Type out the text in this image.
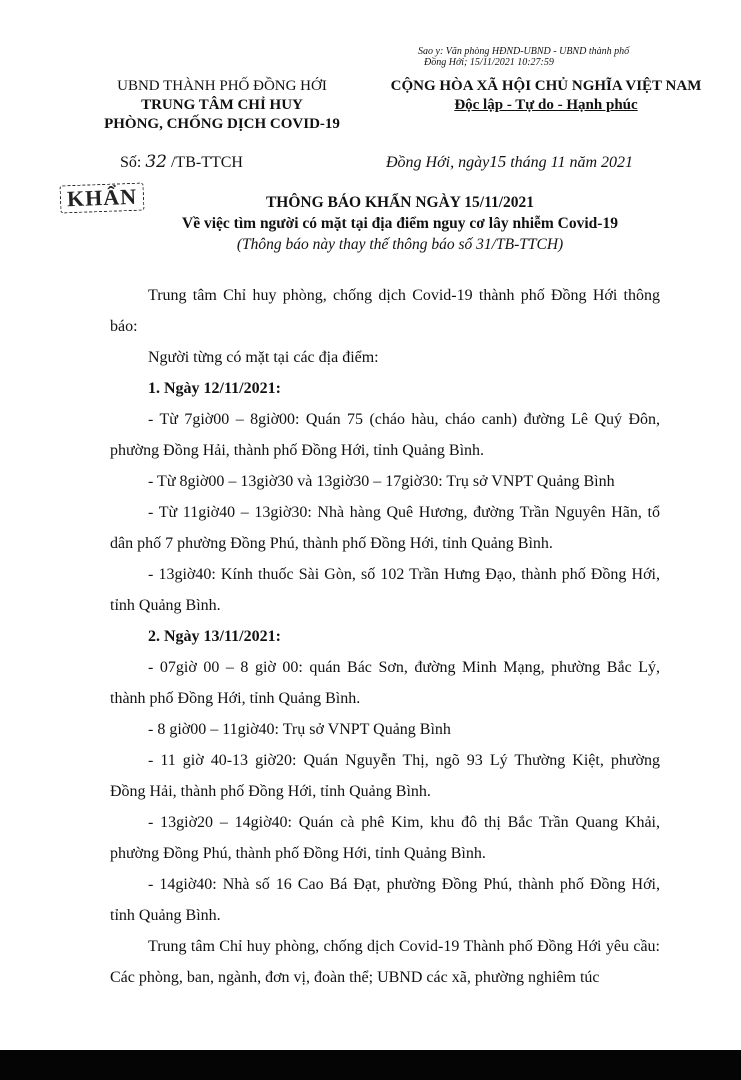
Sao y: Văn phòng HĐND-UBND - UBND thành phố
Đồng Hới; 15/11/2021 10:27:59
UBND THÀNH PHỐ ĐỒNG HỚI
TRUNG TÂM CHỈ HUY
PHÒNG, CHỐNG DỊCH COVID-19
CỘNG HÒA XÃ HỘI CHỦ NGHĨA VIỆT NAM
Độc lập - Tự do - Hạnh phúc
Số: 32 /TB-TTCH	Đồng Hới, ngày15 tháng 11 năm 2021
KHẨN	THÔNG BÁO KHẨN NGÀY 15/11/2021
Về việc tìm người có mặt tại địa điểm nguy cơ lây nhiễm Covid-19
(Thông báo này thay thế thông báo số 31/TB-TTCH)

Trung tâm Chỉ huy phòng, chống dịch Covid-19 thành phố Đồng Hới thông báo:

Người từng có mặt tại các địa điểm:

1. Ngày 12/11/2021:

- Từ 7giờ00 – 8giờ00: Quán 75 (cháo hàu, cháo canh) đường Lê Quý Đôn, phường Đồng Hải, thành phố Đồng Hới, tỉnh Quảng Bình.

- Từ 8giờ00 – 13giờ30 và 13giờ30 – 17giờ30: Trụ sở VNPT Quảng Bình

- Từ 11giờ40 – 13giờ30: Nhà hàng Quê Hương, đường Trần Nguyên Hãn, tổ dân phố 7 phường Đồng Phú, thành phố Đồng Hới, tỉnh Quảng Bình.

- 13giờ40: Kính thuốc Sài Gòn, số 102 Trần Hưng Đạo, thành phố Đồng Hới, tỉnh Quảng Bình.

2. Ngày 13/11/2021:

- 07giờ 00 – 8 giờ 00: quán Bác Sơn, đường Minh Mạng, phường Bắc Lý, thành phố Đồng Hới, tỉnh Quảng Bình.

- 8 giờ00 – 11giờ40: Trụ sở VNPT Quảng Bình

- 11 giờ 40-13 giờ20: Quán Nguyễn Thị, ngõ 93 Lý Thường Kiệt, phường Đồng Hải, thành phố Đồng Hới, tỉnh Quảng Bình.

- 13giờ20 – 14giờ40: Quán cà phê Kim, khu đô thị Bắc Trần Quang Khải, phường Đồng Phú, thành phố Đồng Hới, tỉnh Quảng Bình.

- 14giờ40: Nhà số 16 Cao Bá Đạt, phường Đồng Phú, thành phố Đồng Hới, tỉnh Quảng Bình.

Trung tâm Chỉ huy phòng, chống dịch Covid-19 Thành phố Đồng Hới yêu cầu: Các phòng, ban, ngành, đơn vị, đoàn thể; UBND các xã, phường nghiêm túc
